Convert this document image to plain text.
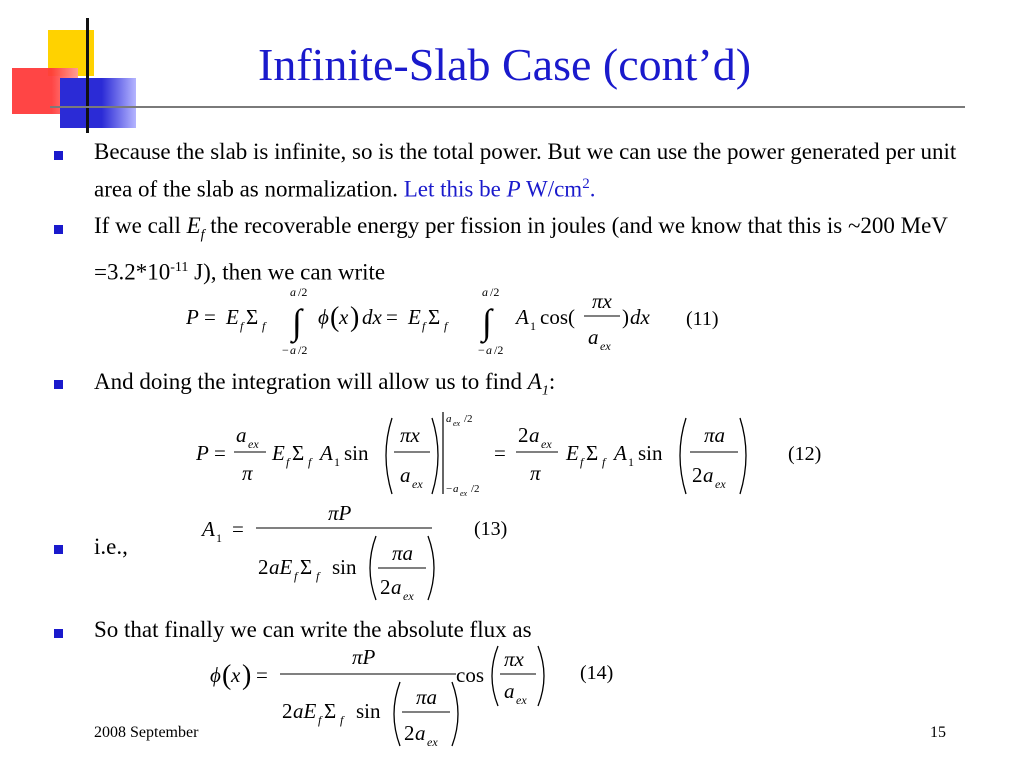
Infinite-Slab Case (cont’d)
Because the slab is infinite, so is the total power. But we can use the power generated per unit area of the slab as normalization. Let this be P $W/cm^2$.
If we call $E_f$ the recoverable energy per fission in joules (and we know that this is ~200 MeV $=3.2*10^{-11}$ J), then we can write
P = E f Σ f
a /2
∫
− a /2
ϕ ( x ) dx = E f Σ f
a /2
∫
− a /2
A 1 cos(
πx
a ex
) dx (11)
And doing the integration will allow us to find $A_1$:
P =
a ex
π
E f Σ f A 1 sin
πx
a ex
a ex /2
− a ex /2
=
2 a ex
π
E f Σ f A 1 sin
πa
2 a ex
(12)
i.e.,
A 1 =
πP
2 aE f Σ f sin
πa
2 a ex
(13)
So that finally we can write the absolute flux as
ϕ ( x ) =
πP
2 aE f Σ f sin
πa
2 a ex
cos
πx
a ex
(14)
2008 September	15
